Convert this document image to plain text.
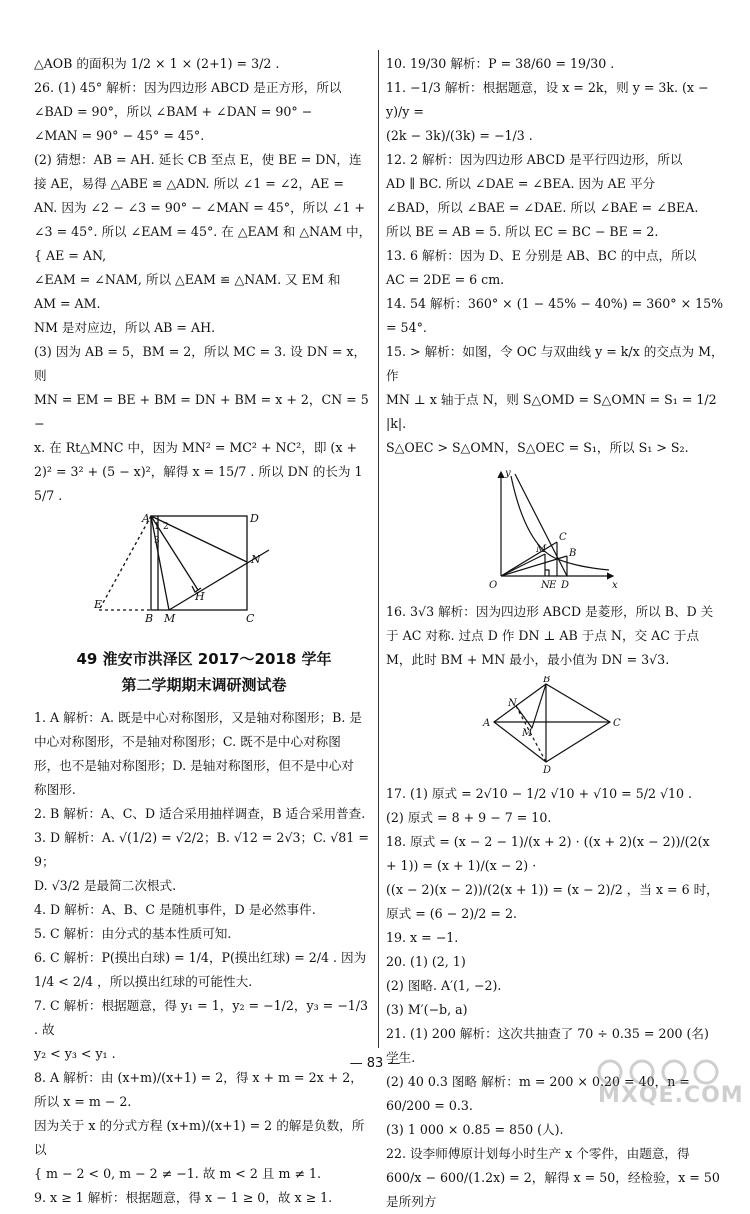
△AOB 的面积为 1/2 × 1 × (2+1) = 3/2 .

26. (1) 45° 解析：因为四边形 ABCD 是正方形，所以

∠BAD = 90°，所以 ∠BAM + ∠DAN = 90° −

∠MAN = 90° − 45° = 45°.

(2) 猜想：AB = AH. 延长 CB 至点 E，使 BE = DN，连

接 AE，易得 △ABE ≌ △ADN. 所以 ∠1 = ∠2，AE =

AN. 因为 ∠2 − ∠3 = 90° − ∠MAN = 45°，所以 ∠1 +

∠3 = 45°. 所以 ∠EAM = 45°. 在 △EAM 和 △NAM 中，

{ AE = AN,

∠EAM = ∠NAM, 所以 △EAM ≌ △NAM. 又 EM 和

AM = AM.

NM 是对应边，所以 AB = AH.

(3) 因为 AB = 5，BM = 2，所以 MC = 3. 设 DN = x，则

MN = EM = BE + BM = DN + BM = x + 2，CN = 5 −

x. 在 Rt△MNC 中，因为 MN² = MC² + NC²，即 (x +

2)² = 3² + (5 − x)²，解得 x = 15/7 . 所以 DN 的长为 15/7 .

A
1 2
3
D
N
H
E
B M	C
49 淮安市洪泽区 2017～2018 学年
第二学期期末调研测试卷

1. A 解析：A. 既是中心对称图形，又是轴对称图形；B. 是

中心对称图形，不是轴对称图形；C. 既不是中心对称图

形，也不是轴对称图形；D. 是轴对称图形，但不是中心对

称图形.

2. B 解析：A、C、D 适合采用抽样调查，B 适合采用普查.

3. D 解析：A. √(1/2) = √2/2；B. √12 = 2√3；C. √81 = 9；

D. √3/2 是最简二次根式.

4. D 解析：A、B、C 是随机事件，D 是必然事件.

5. C 解析：由分式的基本性质可知.

6. C 解析：P(摸出白球) = 1/4，P(摸出红球) = 2/4 . 因为

1/4 < 2/4 ，所以摸出红球的可能性大.

7. C 解析：根据题意，得 y₁ = 1，y₂ = −1/2，y₃ = −1/3 . 故

y₂ < y₃ < y₁ .

8. A 解析：由 (x+m)/(x+1) = 2，得 x + m = 2x + 2，所以 x = m − 2.

因为关于 x 的分式方程 (x+m)/(x+1) = 2 的解是负数，所以

{ m − 2 < 0, m − 2 ≠ −1. 故 m < 2 且 m ≠ 1.

9. x ≥ 1 解析：根据题意，得 x − 1 ≥ 0，故 x ≥ 1.

10. 19/30 解析：P = 38/60 = 19/30 .

11. −1/3 解析：根据题意，设 x = 2k，则 y = 3k. (x − y)/y =

(2k − 3k)/(3k) = −1/3 .

12. 2 解析：因为四边形 ABCD 是平行四边形，所以

AD ∥ BC. 所以 ∠DAE = ∠BEA. 因为 AE 平分

∠BAD，所以 ∠BAE = ∠DAE. 所以 ∠BAE = ∠BEA.

所以 BE = AB = 5. 所以 EC = BC − BE = 2.

13. 6 解析：因为 D、E 分别是 AB、BC 的中点，所以

AC = 2DE = 6 cm.

14. 54 解析：360° × (1 − 45% − 40%) = 360° × 15% = 54°.

15. > 解析：如图，令 OC 与双曲线 y = k/x 的交点为 M，作

MN ⊥ x 轴于点 N，则 S△OMD = S△OMN = S₁ = 1/2 |k|.

S△OEC > S△OMN，S△OEC = S₁，所以 S₁ > S₂.

y
O	x
M
C
B
N E D

16. 3√3 解析：因为四边形 ABCD 是菱形，所以 B、D 关

于 AC 对称. 过点 D 作 DN ⊥ AB 于点 N，交 AC 于点

M，此时 BM + MN 最小，最小值为 DN = 3√3.

B
N
A	C
M
D

17. (1) 原式 = 2√10 − 1/2 √10 + √10 = 5/2 √10 .

(2) 原式 = 8 + 9 − 7 = 10.

18. 原式 = (x − 2 − 1)/(x + 2) · ((x + 2)(x − 2))/(2(x + 1)) = (x + 1)/(x − 2) ·

((x − 2)(x − 2))/(2(x + 1)) = (x − 2)/2 ，当 x = 6 时，原式 = (6 − 2)/2 = 2.

19. x = −1.

20. (1) (2, 1)

(2) 图略. A′(1, −2).

(3) M′(−b, a)

21. (1) 200 解析：这次共抽查了 70 ÷ 0.35 = 200 (名)

学生.

(2) 40 0.3 图略 解析：m = 200 × 0.20 = 40，n =

60/200 = 0.3.

(3) 1 000 × 0.85 = 850 (人).

22. 设李师傅原计划每小时生产 x 个零件，由题意，得

600/x − 600/(1.2x) = 2，解得 x = 50，经检验，x = 50 是所列方

— 83 —
MXQE.COM
